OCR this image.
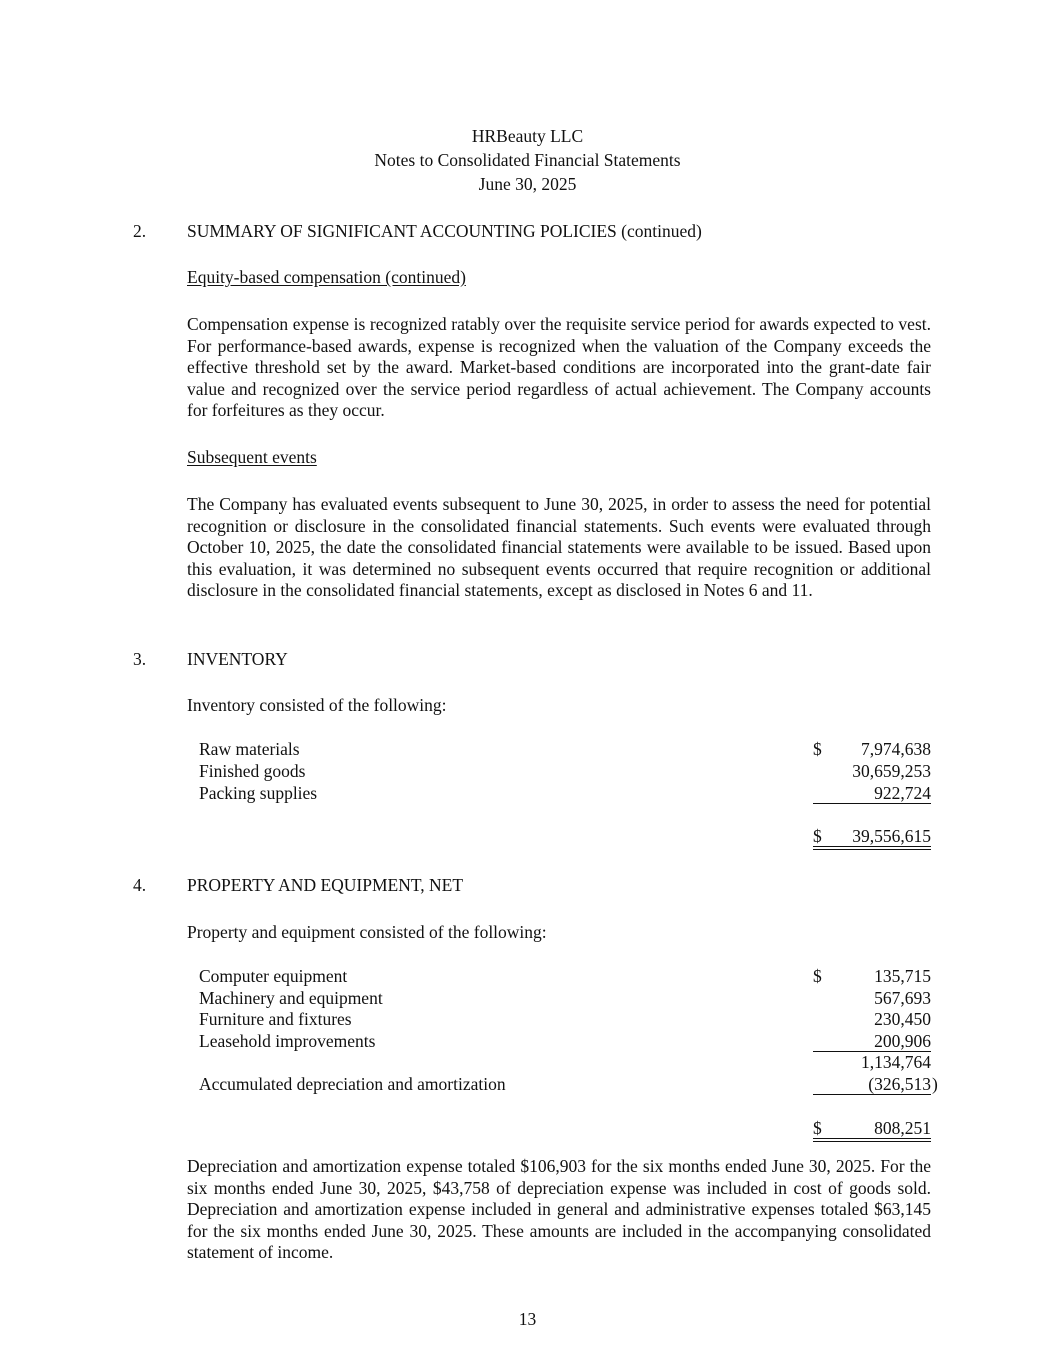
HRBeauty LLC
Notes to Consolidated Financial Statements
June 30, 2025
2. SUMMARY OF SIGNIFICANT ACCOUNTING POLICIES (continued)
Equity-based compensation (continued)
Compensation expense is recognized ratably over the requisite service period for awards expected to vest. For performance-based awards, expense is recognized when the valuation of the Company exceeds the effective threshold set by the award. Market-based conditions are incorporated into the grant-date fair value and recognized over the service period regardless of actual achievement. The Company accounts for forfeitures as they occur.
Subsequent events
The Company has evaluated events subsequent to June 30, 2025, in order to assess the need for potential recognition or disclosure in the consolidated financial statements. Such events were evaluated through October 10, 2025, the date the consolidated financial statements were available to be issued. Based upon this evaluation, it was determined no subsequent events occurred that require recognition or additional disclosure in the consolidated financial statements, except as disclosed in Notes 6 and 11.
3. INVENTORY
Inventory consisted of the following:
Raw materials	$ 7,974,638
Finished goods	30,659,253
Packing supplies	922,724
$ 39,556,615
4. PROPERTY AND EQUIPMENT, NET
Property and equipment consisted of the following:
Computer equipment	$	135,715
Machinery and equipment	567,693
Furniture and fixtures	230,450
Leasehold improvements	200,906
1,134,764
Accumulated depreciation and amortization	(326,513 )
$	808,251
Depreciation and amortization expense totaled $106,903 for the six months ended June 30, 2025. For the six months ended June 30, 2025, $43,758 of depreciation expense was included in cost of goods sold. Depreciation and amortization expense included in general and administrative expenses totaled $63,145 for the six months ended June 30, 2025. These amounts are included in the accompanying consolidated statement of income.
13
